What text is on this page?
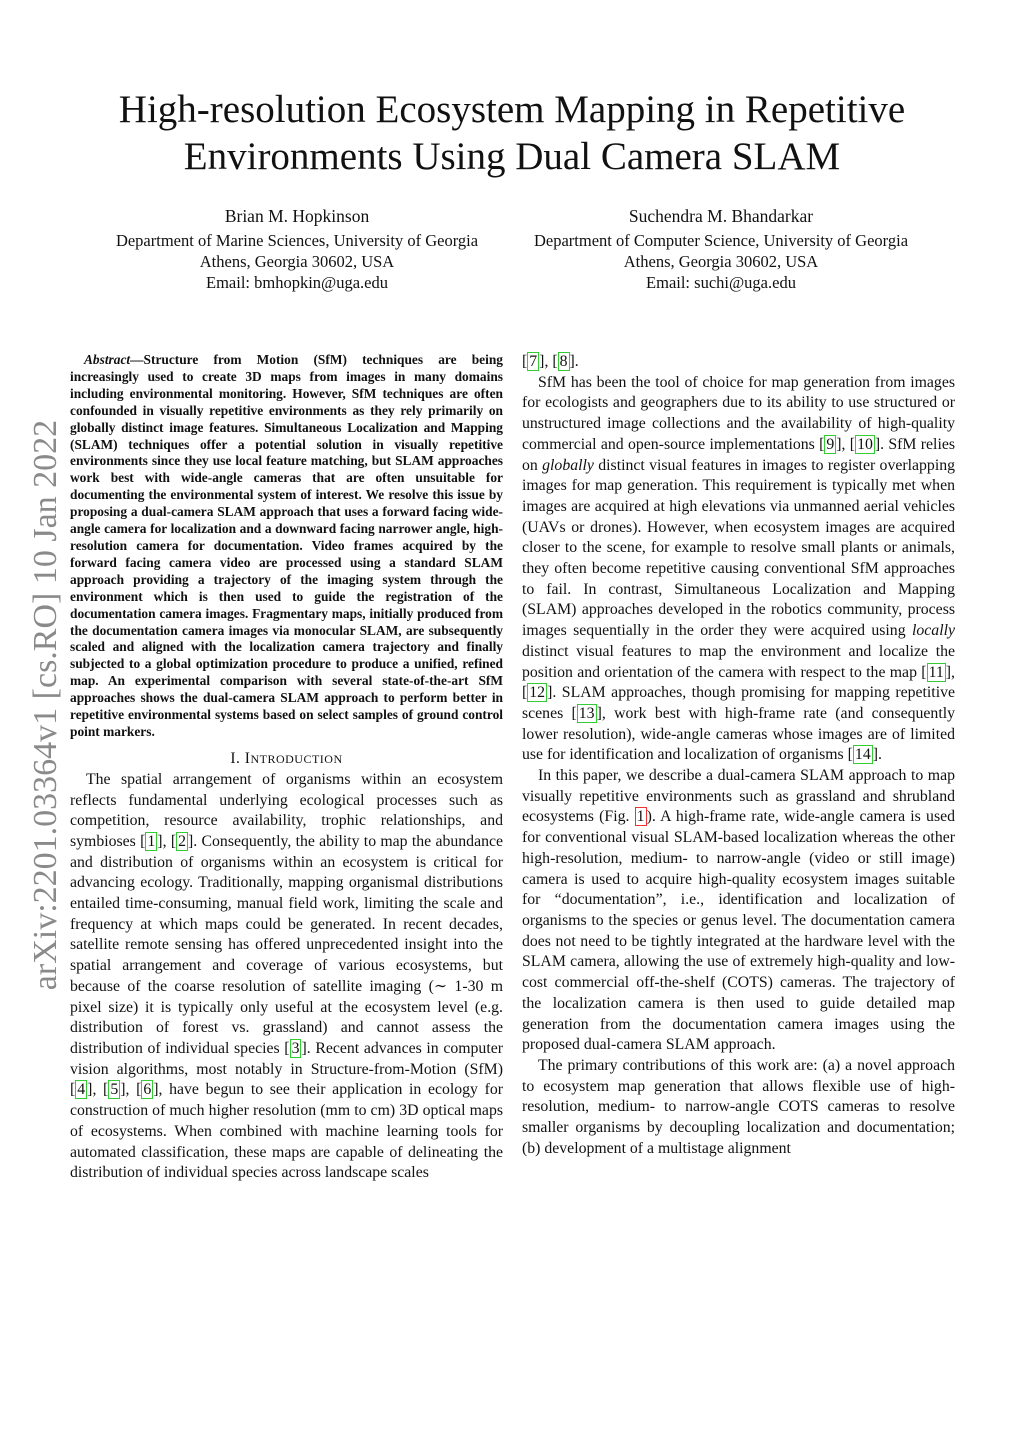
High-resolution Ecosystem Mapping in Repetitive Environments Using Dual Camera SLAM
Brian M. Hopkinson
Department of Marine Sciences, University of Georgia
Athens, Georgia 30602, USA
Email: bmhopkin@uga.edu
Suchendra M. Bhandarkar
Department of Computer Science, University of Georgia
Athens, Georgia 30602, USA
Email: suchi@uga.edu
arXiv:2201.03364v1 [cs.RO] 10 Jan 2022

Abstract—Structure from Motion (SfM) techniques are being increasingly used to create 3D maps from images in many domains including environmental monitoring. However, SfM techniques are often confounded in visually repetitive environments as they rely primarily on globally distinct image features. Simultaneous Localization and Mapping (SLAM) techniques offer a potential solution in visually repetitive environments since they use local feature matching, but SLAM approaches work best with wide-angle cameras that are often unsuitable for documenting the environmental system of interest. We resolve this issue by proposing a dual-camera SLAM approach that uses a forward facing wide-angle camera for localization and a downward facing narrower angle, high-resolution camera for documentation. Video frames acquired by the forward facing camera video are processed using a standard SLAM approach providing a trajectory of the imaging system through the environment which is then used to guide the registration of the documentation camera images. Fragmentary maps, initially produced from the documentation camera images via monocular SLAM, are subsequently scaled and aligned with the localization camera trajectory and finally subjected to a global optimization procedure to produce a unified, refined map. An experimental comparison with several state-of-the-art SfM approaches shows the dual-camera SLAM approach to perform better in repetitive environmental systems based on select samples of ground control point markers.

I. INTRODUCTION

The spatial arrangement of organisms within an ecosystem reflects fundamental underlying ecological processes such as competition, resource availability, trophic relationships, and symbioses [ 1 ], [ 2 ]. Consequently, the ability to map the abundance and distribution of organisms within an ecosystem is critical for advancing ecology. Traditionally, mapping organismal distributions entailed time-consuming, manual field work, limiting the scale and frequency at which maps could be generated. In recent decades, satellite remote sensing has offered unprecedented insight into the spatial arrangement and coverage of various ecosystems, but because of the coarse resolution of satellite imaging (∼ 1-30 m pixel size) it is typically only useful at the ecosystem level (e.g. distribution of forest vs. grassland) and cannot assess the distribution of individual species [ 3 ]. Recent advances in computer vision algorithms, most notably in Structure-from-Motion (SfM) [ 4 ], [ 5 ], [ 6 ], have begun to see their application in ecology for construction of much higher resolution (mm to cm) 3D optical maps of ecosystems. When combined with machine learning tools for automated classification, these maps are capable of delineating the distribution of individual species across landscape scales

[ 7 ], [ 8 ].

SfM has been the tool of choice for map generation from images for ecologists and geographers due to its ability to use structured or unstructured image collections and the availability of high-quality commercial and open-source implementations [ 9 ], [ 10 ]. SfM relies on globally distinct visual features in images to register overlapping images for map generation. This requirement is typically met when images are acquired at high elevations via unmanned aerial vehicles (UAVs or drones). However, when ecosystem images are acquired closer to the scene, for example to resolve small plants or animals, they often become repetitive causing conventional SfM approaches to fail. In contrast, Simultaneous Localization and Mapping (SLAM) approaches developed in the robotics community, process images sequentially in the order they were acquired using locally distinct visual features to map the environment and localize the position and orientation of the camera with respect to the map [ 11 ], [ 12 ]. SLAM approaches, though promising for mapping repetitive scenes [ 13 ], work best with high-frame rate (and consequently lower resolution), wide-angle cameras whose images are of limited use for identification and localization of organisms [ 14 ].

In this paper, we describe a dual-camera SLAM approach to map visually repetitive environments such as grassland and shrubland ecosystems (Fig. 1 ). A high-frame rate, wide-angle camera is used for conventional visual SLAM-based localization whereas the other high-resolution, medium- to narrow-angle (video or still image) camera is used to acquire high-quality ecosystem images suitable for “documentation”, i.e., identification and localization of organisms to the species or genus level. The documentation camera does not need to be tightly integrated at the hardware level with the SLAM camera, allowing the use of extremely high-quality and low-cost commercial off-the-shelf (COTS) cameras. The trajectory of the localization camera is then used to guide detailed map generation from the documentation camera images using the proposed dual-camera SLAM approach.

The primary contributions of this work are: (a) a novel approach to ecosystem map generation that allows flexible use of high-resolution, medium- to narrow-angle COTS cameras to resolve smaller organisms by decoupling localization and documentation; (b) development of a multistage alignment
